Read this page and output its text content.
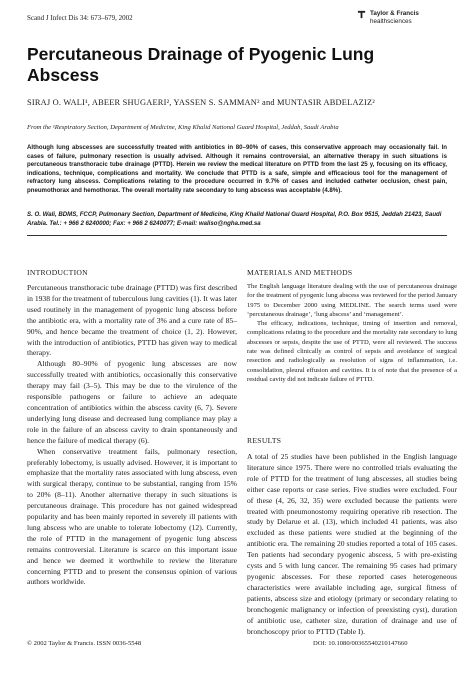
Scand J Infect Dis 34: 673–679, 2002
Taylor & Francis
healthsciences
Percutaneous Drainage of Pyogenic Lung Abscess
SIRAJ O. WALI¹, ABEER SHUGAERI², YASSEN S. SAMMAN² and MUNTASIR ABDELAZIZ²
From the ¹Respiratory Section, Department of Medicine, King Khalid National Guard Hospital, Jeddah, Saudi Arabia
Although lung abscesses are successfully treated with antibiotics in 80–90% of cases, this conservative approach may occasionally fail. In cases of failure, pulmonary resection is usually advised. Although it remains controversial, an alternative therapy in such situations is percutaneous transthoracic tube drainage (PTTD). Herein we review the medical literature on PTTD from the last 25 y, focusing on its efficacy, indications, technique, complications and mortality. We conclude that PTTD is a safe, simple and efficacious tool for the management of refractory lung abscess. Complications relating to the procedure occurred in 9.7% of cases and included catheter occlusion, chest pain, pneumothorax and hemothorax. The overall mortality rate secondary to lung abscess was acceptable (4.8%).
S. O. Wali, BDMS, FCCP, Pulmonary Section, Department of Medicine, King Khalid National Guard Hospital, P.O. Box 9515, Jeddah 21423, Saudi Arabia. Tel.: + 966 2 6240000; Fax: + 966 2 6240077; E-mail: waliso@ngha.med.sa
INTRODUCTION

Percutaneous transthoracic tube drainage (PTTD) was first described in 1938 for the treatment of tuberculous lung cavities (1). It was later used routinely in the management of pyogenic lung abscess before the antibiotic era, with a mortality rate of 3% and a cure rate of 85–90%, and hence became the treatment of choice (1, 2). However, with the introduction of antibiotics, PTTD has given way to medical therapy.

Although 80–90% of pyogenic lung abscesses are now successfully treated with antibiotics, occasionally this conservative therapy may fail (3–5). This may be due to the virulence of the responsible pathogens or failure to achieve an adequate concentration of antibiotics within the abscess cavity (6, 7). Severe underlying lung disease and decreased lung compliance may play a role in the failure of an abscess cavity to drain spontaneously and hence the failure of medical therapy (6).

When conservative treatment fails, pulmonary resection, preferably lobectomy, is usually advised. However, it is important to emphasize that the mortality rates associated with lung abscess, even with surgical therapy, continue to be substantial, ranging from 15% to 20% (8–11). Another alternative therapy in such situations is percutaneous drainage. This procedure has not gained widespread popularity and has been mainly reported in severely ill patients with lung abscess who are unable to tolerate lobectomy (12). Currently, the role of PTTD in the management of pyogenic lung abscess remains controversial. Literature is scarce on this important issue and hence we deemed it worthwhile to review the literature concerning PTTD and to present the consensus opinion of various authors worldwide.

MATERIALS AND METHODS

The English language literature dealing with the use of percutaneous drainage for the treatment of pyogenic lung abscess was reviewed for the period January 1975 to December 2000 using MEDLINE. The search terms used were ‘percutaneous drainage’, ‘lung abscess’ and ‘management’.

The efficacy, indications, technique, timing of insertion and removal, complications relating to the procedure and the mortality rate secondary to lung abscesses or sepsis, despite the use of PTTD, were all reviewed. The success rate was defined clinically as control of sepsis and avoidance of surgical resection and radiologically as resolution of signs of inflammation, i.e. consolidation, pleural effusion and cavities. It is of note that the presence of a residual cavity did not indicate failure of PTTD.

RESULTS

A total of 25 studies have been published in the English language literature since 1975. There were no controlled trials evaluating the role of PTTD for the treatment of lung abscesses, all studies being either case reports or case series. Five studies were excluded. Four of these (4, 26, 32, 35) were excluded because the patients were treated with pneumonostomy requiring operative rib resection. The study by Delarue et al. (13), which included 41 patients, was also excluded as these patients were studied at the beginning of the antibiotic era. The remaining 20 studies reported a total of 105 cases. Ten patients had secondary pyogenic abscess, 5 with pre-existing cysts and 5 with lung cancer. The remaining 95 cases had primary pyogenic abscesses. For these reported cases heterogeneous characteristics were available including age, surgical fitness of patients, abscess size and etiology (primary or secondary relating to bronchogenic malignancy or infection of preexisting cyst), duration of antibiotic use, catheter size, duration of drainage and use of bronchoscopy prior to PTTD (Table I).

© 2002 Taylor & Francis. ISSN 0036-5548	DOI: 10.1080/00365540210147660
